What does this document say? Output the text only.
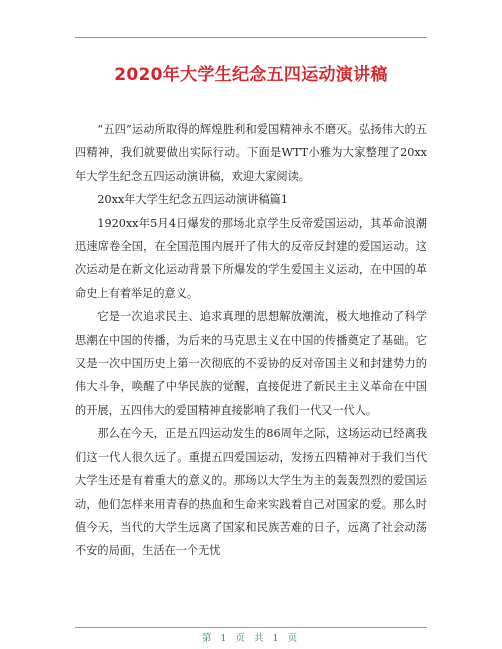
2020年大学生纪念五四运动演讲稿

“五四”运动所取得的辉煌胜利和爱国精神永不磨灭。弘扬伟大的五四精神，我们就要做出实际行动。下面是WTT小雅为大家整理了20xx年大学生纪念五四运动演讲稿，欢迎大家阅读。

20xx年大学生纪念五四运动演讲稿篇1

1920xx年5月4日爆发的那场北京学生反帝爱国运动，其革命浪潮迅速席卷全国，在全国范围内展开了伟大的反帝反封建的爱国运动。这次运动是在新文化运动背景下所爆发的学生爱国主义运动，在中国的革命史上有着举足的意义。

它是一次追求民主、追求真理的思想解放潮流，极大地推动了科学思潮在中国的传播，为后来的马克思主义在中国的传播奠定了基础。它又是一次中国历史上第一次彻底的不妥协的反对帝国主义和封建势力的伟大斗争，唤醒了中华民族的觉醒，直接促进了新民主主义革命在中国的开展，五四伟大的爱国精神直接影响了我们一代又一代人。

那么在今天，正是五四运动发生的86周年之际，这场运动已经离我们这一代人很久远了。重提五四爱国运动，发扬五四精神对于我们当代大学生还是有着重大的意义的。那场以大学生为主的轰轰烈烈的爱国运动，他们怎样来用青春的热血和生命来实践着自己对国家的爱。那么时值今天，当代的大学生远离了国家和民族苦难的日子，远离了社会动荡不安的局面，生活在一个无忧

第 1 页 共 1 页
